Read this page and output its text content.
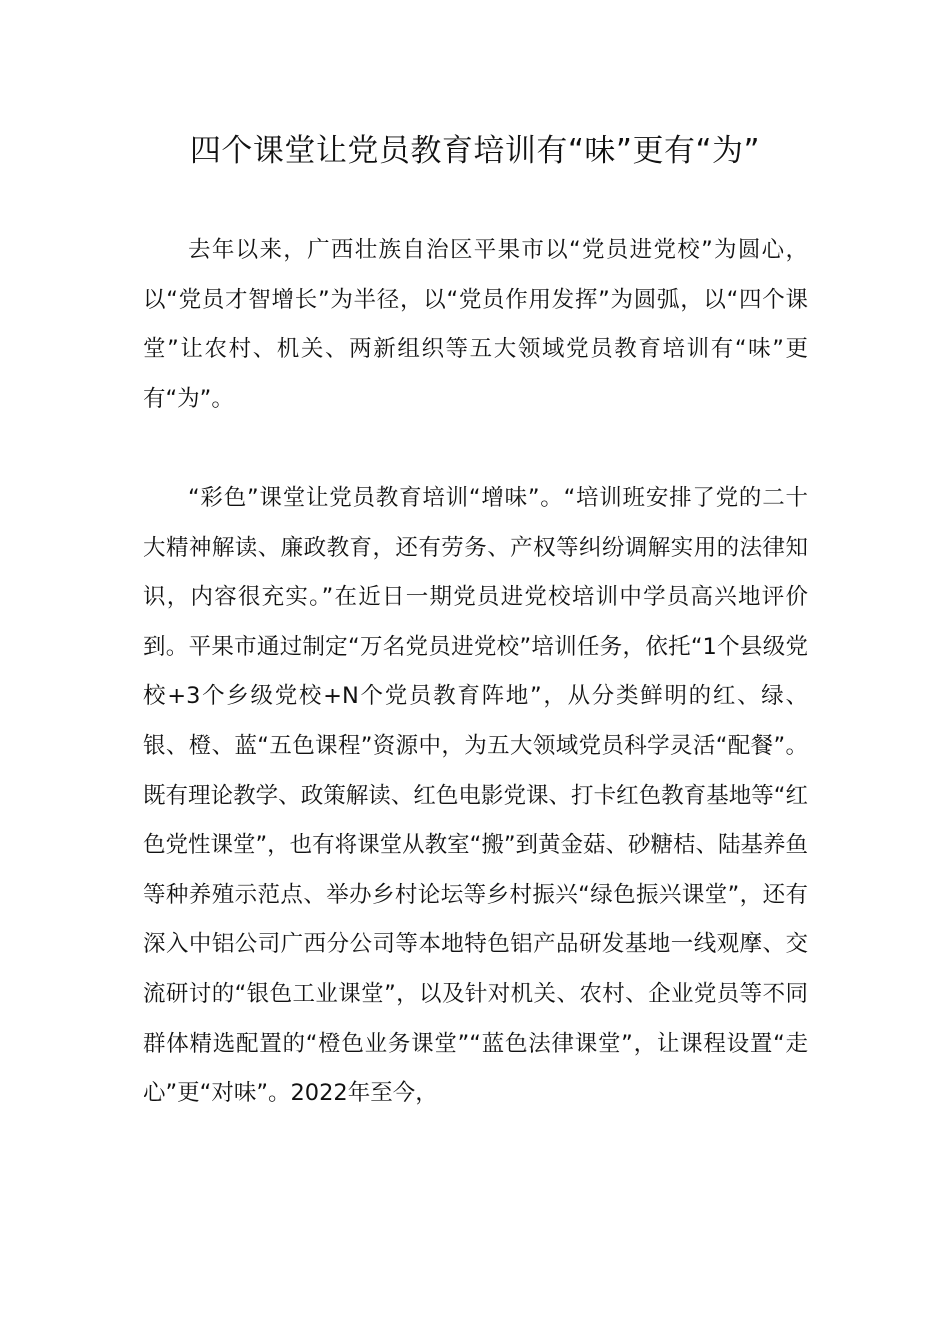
四个课堂让党员教育培训有“味”更有“为”

去年以来，广西壮族自治区平果市以“党员进党校”为圆心，以“党员才智增长”为半径，以“党员作用发挥”为圆弧，以“四个课堂”让农村、机关、两新组织等五大领域党员教育培训有“味”更有“为”。

“彩色”课堂让党员教育培训“增味”。“培训班安排了党的二十大精神解读、廉政教育，还有劳务、产权等纠纷调解实用的法律知识，内容很充实。”在近日一期党员进党校培训中学员高兴地评价到。平果市通过制定“万名党员进党校”培训任务，依托“1个县级党校+3个乡级党校+N个党员教育阵地”，从分类鲜明的红、绿、银、橙、蓝“五色课程”资源中，为五大领域党员科学灵活“配餐”。既有理论教学、政策解读、红色电影党课、打卡红色教育基地等“红色党性课堂”，也有将课堂从教室“搬”到黄金菇、砂糖桔、陆基养鱼等种养殖示范点、举办乡村论坛等乡村振兴“绿色振兴课堂”，还有深入中铝公司广西分公司等本地特色铝产品研发基地一线观摩、交流研讨的“银色工业课堂”，以及针对机关、农村、企业党员等不同群体精选配置的“橙色业务课堂”“蓝色法律课堂”，让课程设置“走心”更“对味”。2022年至今，
